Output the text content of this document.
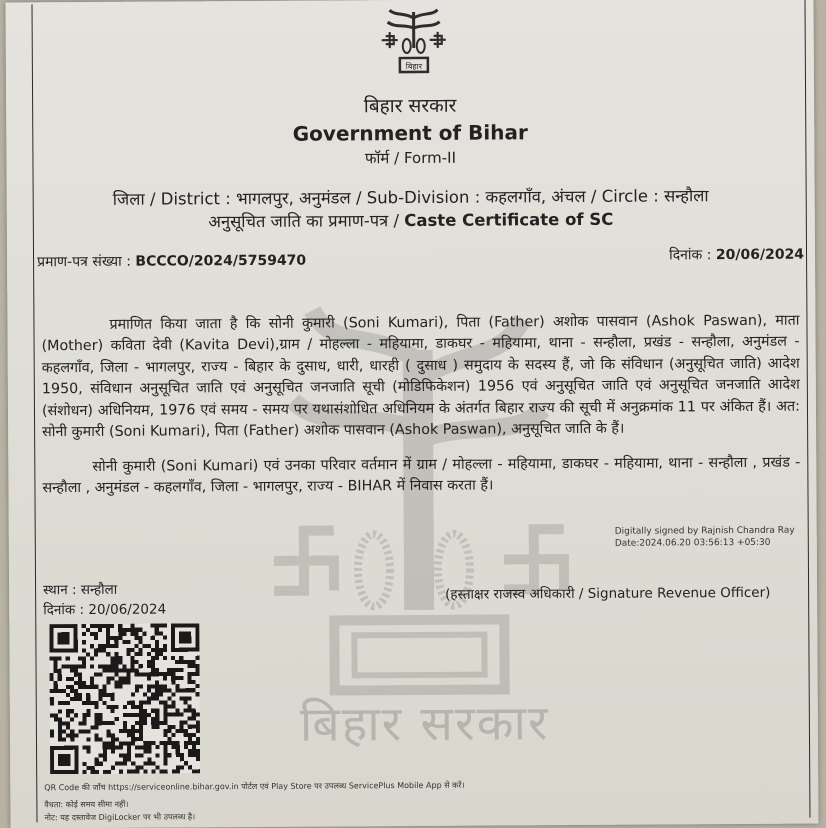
बिहार सरकार
बिहार
बिहार सरकार
Government of Bihar
फॉर्म / Form-II
जिला / District : भागलपुर, अनुमंडल / Sub-Division : कहलगाँव, अंचल / Circle : सन्हौला
अनुसूचित जाति का प्रमाण-पत्र / Caste Certificate of SC
प्रमाण-पत्र संख्या : BCCCO/2024/5759470	दिनांक : 20/06/2024
प्रमाणित किया जाता है कि सोनी कुमारी (Soni Kumari), पिता (Father) अशोक पासवान (Ashok Paswan), माता (Mother) कविता देवी (Kavita Devi),ग्राम / मोहल्ला - महियामा, डाकघर - महियामा, थाना - सन्हौला, प्रखंड - सन्हौला, अनुमंडल - कहलगाँव, जिला - भागलपुर, राज्य - बिहार के दुसाध, धारी, धारही ( दुसाध ) समुदाय के सदस्य हैं, जो कि संविधान (अनुसूचित जाति) आदेश 1950, संविधान अनुसूचित जाति एवं अनुसूचित जनजाति सूची (मोडिफिकेशन) 1956 एवं अनुसूचित जाति एवं अनुसूचित जनजाति आदेश (संशोधन) अधिनियम, 1976 एवं समय - समय पर यथासंशोधित अधिनियम के अंतर्गत बिहार राज्य की सूची में अनुक्रमांक 11 पर अंकित हैं। अत: सोनी कुमारी (Soni Kumari), पिता (Father) अशोक पासवान (Ashok Paswan), अनुसूचित जाति के हैं।
सोनी कुमारी (Soni Kumari) एवं उनका परिवार वर्तमान में ग्राम / मोहल्ला - महियामा, डाकघर - महियामा, थाना - सन्हौला , प्रखंड - सन्हौला , अनुमंडल - कहलगाँव, जिला - भागलपुर, राज्य - BIHAR में निवास करता हैं।
Digitally signed by Rajnish Chandra Ray
Date:2024.06.20 03:56:13 +05:30
स्थान : सन्हौला
दिनांक : 20/06/2024
(हस्ताक्षर राजस्व अधिकारी / Signature Revenue Officer)
QR Code की जाँच https://serviceonline.bihar.gov.in पोर्टल एवं Play Store पर उपलब्ध ServicePlus Mobile App से करें।
वैधता: कोई समय सीमा नहीं।
नोट: यह दस्तावेज DigiLocker पर भी उपलब्ध है।
